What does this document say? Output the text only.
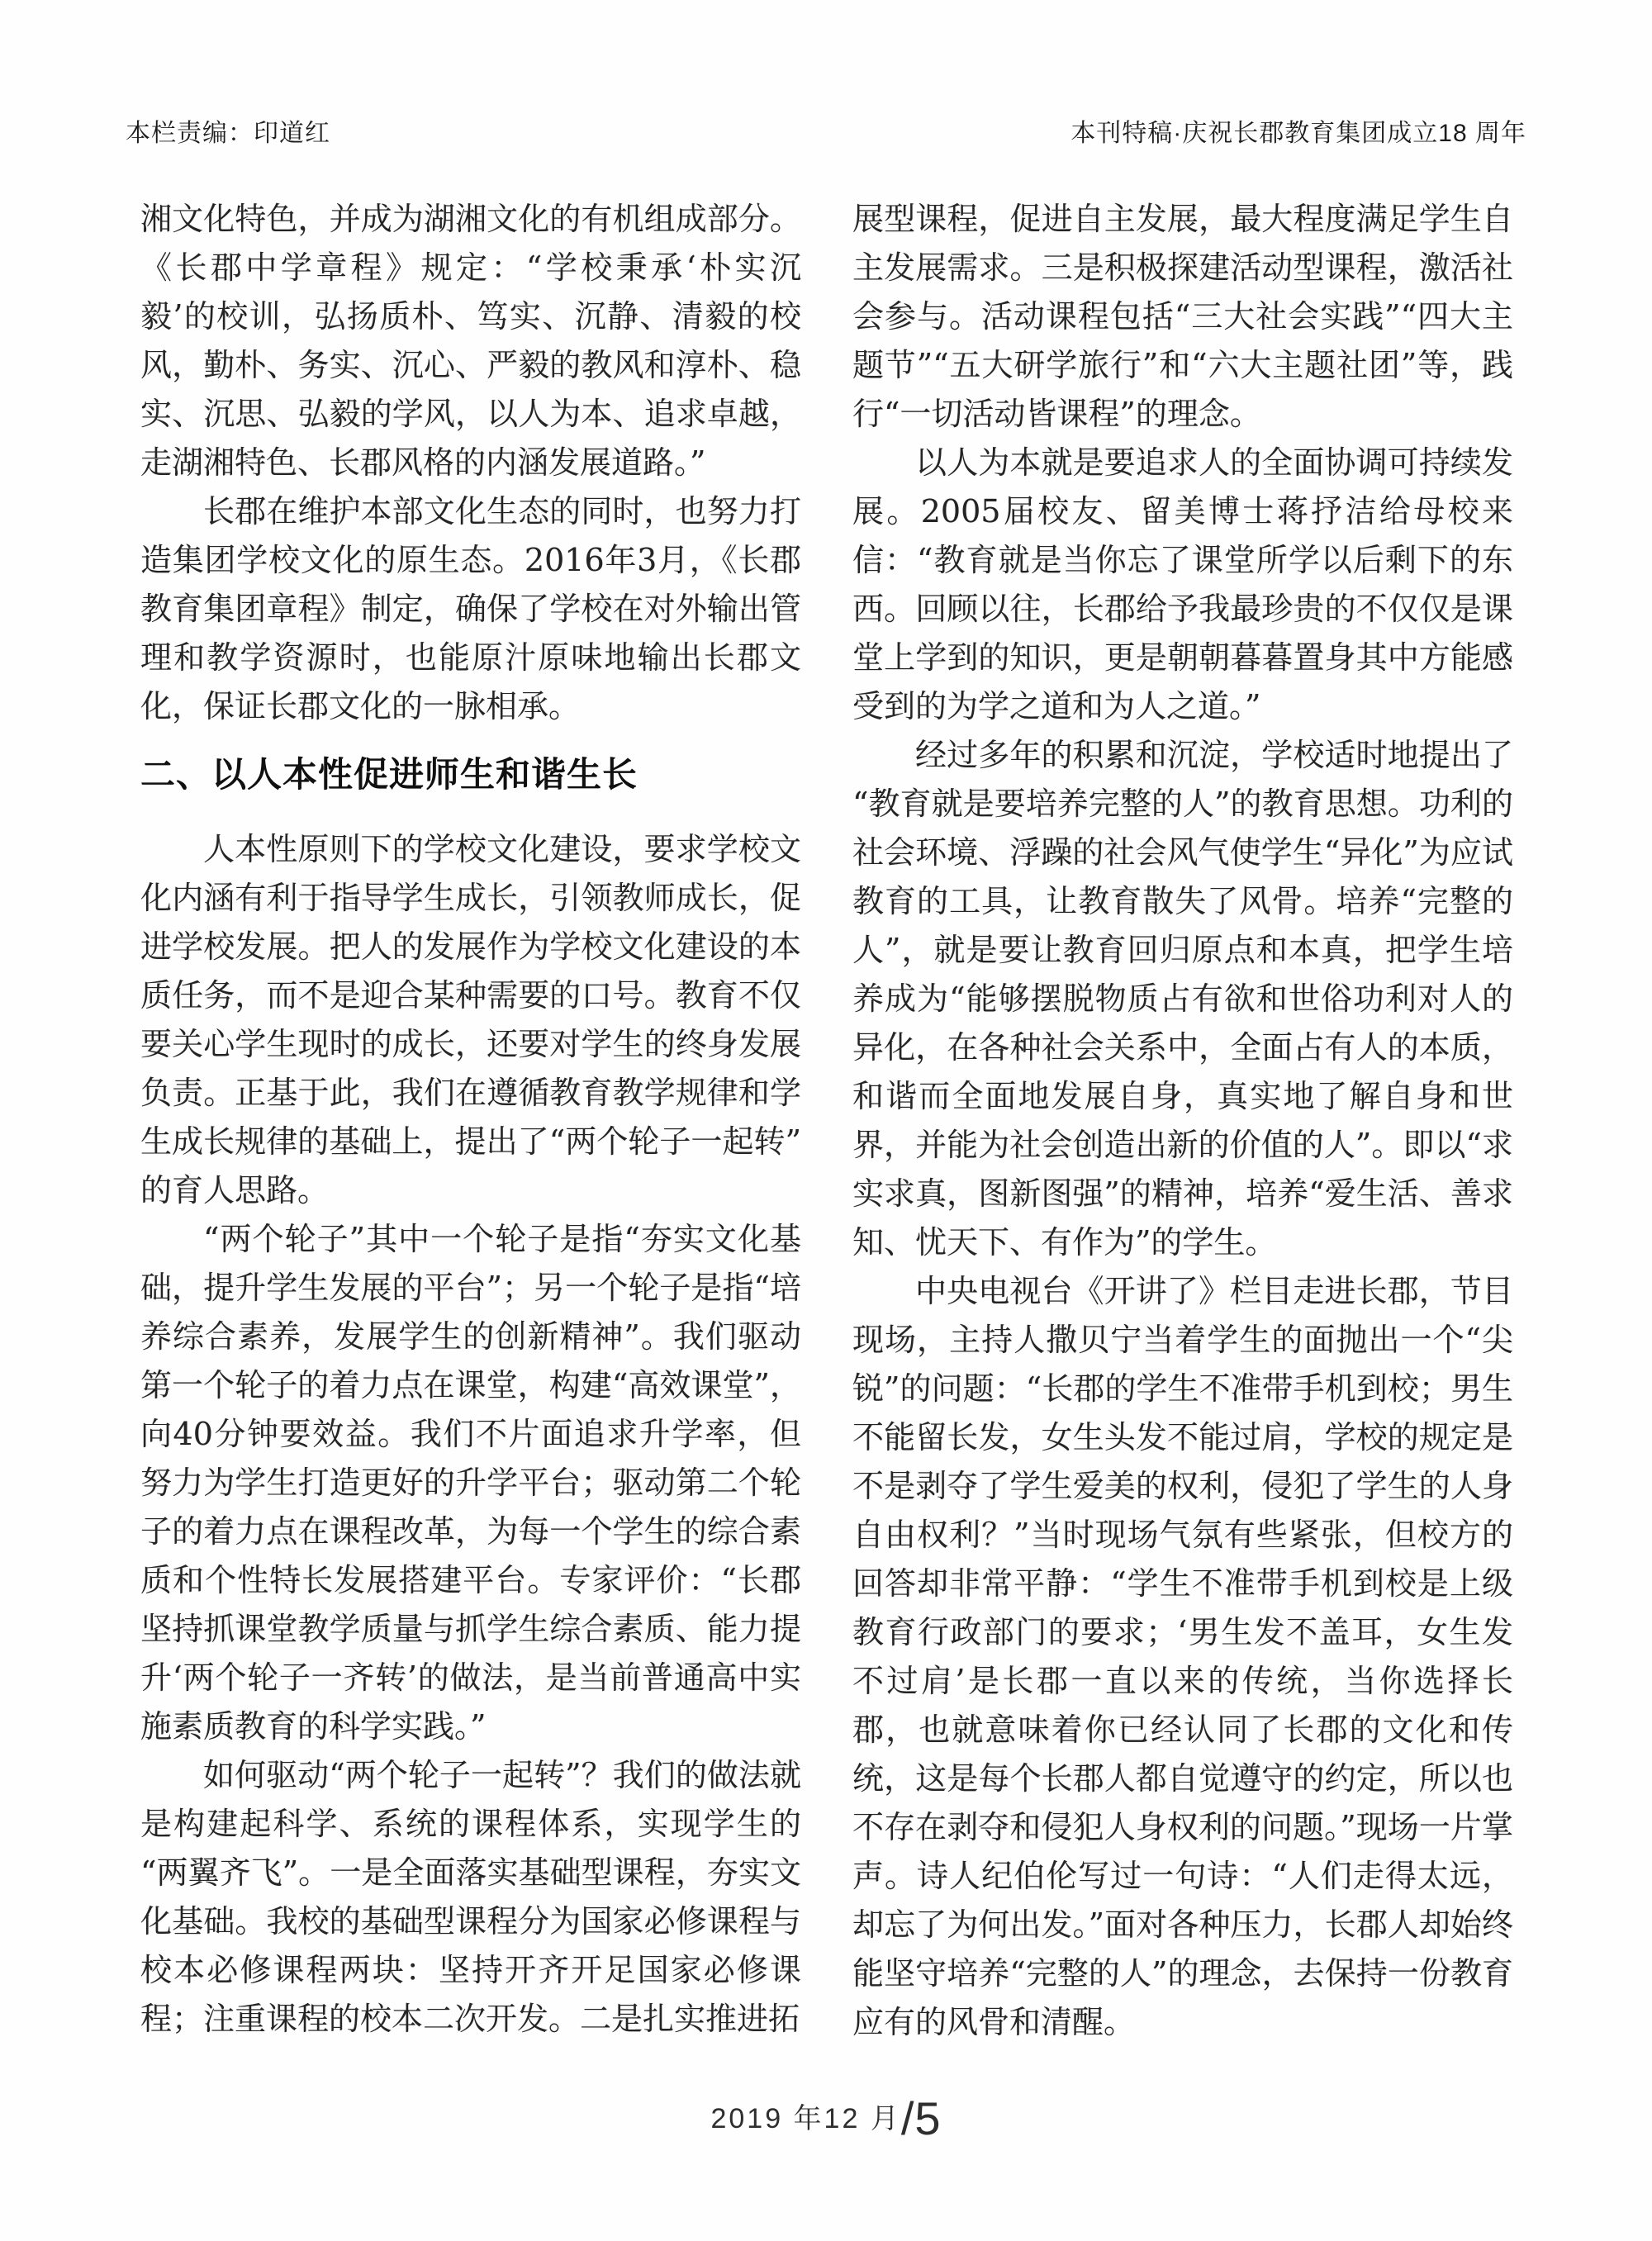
本栏责编：印道红	本刊特稿·庆祝长郡教育集团成立18 周年

湘文化特色，并成为湖湘文化的有机组成部分。《长郡中学章程》规定：“学校秉承‘朴实沉毅’的校训，弘扬质朴、笃实、沉静、清毅的校风，勤朴、务实、沉心、严毅的教风和淳朴、稳实、沉思、弘毅的学风，以人为本、追求卓越，走湖湘特色、长郡风格的内涵发展道路。”

长郡在维护本部文化生态的同时，也努力打造集团学校文化的原生态。2016年3月，《长郡教育集团章程》制定，确保了学校在对外输出管理和教学资源时，也能原汁原味地输出长郡文化，保证长郡文化的一脉相承。

二、以人本性促进师生和谐生长

人本性原则下的学校文化建设，要求学校文化内涵有利于指导学生成长，引领教师成长，促进学校发展。把人的发展作为学校文化建设的本质任务，而不是迎合某种需要的口号。教育不仅要关心学生现时的成长，还要对学生的终身发展负责。正基于此，我们在遵循教育教学规律和学生成长规律的基础上，提出了“两个轮子一起转”的育人思路。

“两个轮子”其中一个轮子是指“夯实文化基础，提升学生发展的平台”；另一个轮子是指“培养综合素养，发展学生的创新精神”。我们驱动第一个轮子的着力点在课堂，构建“高效课堂”，向40分钟要效益。我们不片面追求升学率，但努力为学生打造更好的升学平台；驱动第二个轮子的着力点在课程改革，为每一个学生的综合素质和个性特长发展搭建平台。专家评价：“长郡坚持抓课堂教学质量与抓学生综合素质、能力提升‘两个轮子一齐转’的做法，是当前普通高中实施素质教育的科学实践。”

如何驱动“两个轮子一起转”？我们的做法就是构建起科学、系统的课程体系，实现学生的“两翼齐飞”。一是全面落实基础型课程，夯实文化基础。我校的基础型课程分为国家必修课程与校本必修课程两块：坚持开齐开足国家必修课程；注重课程的校本二次开发。二是扎实推进拓

展型课程，促进自主发展，最大程度满足学生自主发展需求。三是积极探建活动型课程，激活社会参与。活动课程包括“三大社会实践”“四大主题节”“五大研学旅行”和“六大主题社团”等，践行“一切活动皆课程”的理念。

以人为本就是要追求人的全面协调可持续发展。2005届校友、留美博士蒋抒洁给母校来信：“教育就是当你忘了课堂所学以后剩下的东西。回顾以往，长郡给予我最珍贵的不仅仅是课堂上学到的知识，更是朝朝暮暮置身其中方能感受到的为学之道和为人之道。”

经过多年的积累和沉淀，学校适时地提出了“教育就是要培养完整的人”的教育思想。功利的社会环境、浮躁的社会风气使学生“异化”为应试教育的工具，让教育散失了风骨。培养“完整的人”，就是要让教育回归原点和本真，把学生培养成为“能够摆脱物质占有欲和世俗功利对人的异化，在各种社会关系中，全面占有人的本质，和谐而全面地发展自身，真实地了解自身和世界，并能为社会创造出新的价值的人”。即以“求实求真，图新图强”的精神，培养“爱生活、善求知、忧天下、有作为”的学生。

中央电视台《开讲了》栏目走进长郡，节目现场，主持人撒贝宁当着学生的面抛出一个“尖锐”的问题：“长郡的学生不准带手机到校；男生不能留长发，女生头发不能过肩，学校的规定是不是剥夺了学生爱美的权利，侵犯了学生的人身自由权利？”当时现场气氛有些紧张，但校方的回答却非常平静：“学生不准带手机到校是上级教育行政部门的要求；‘男生发不盖耳，女生发不过肩’是长郡一直以来的传统，当你选择长郡，也就意味着你已经认同了长郡的文化和传统，这是每个长郡人都自觉遵守的约定，所以也不存在剥夺和侵犯人身权利的问题。”现场一片掌声。诗人纪伯伦写过一句诗：“人们走得太远，却忘了为何出发。”面对各种压力，长郡人却始终能坚守培养“完整的人”的理念，去保持一份教育应有的风骨和清醒。

2019 年12 月/5
